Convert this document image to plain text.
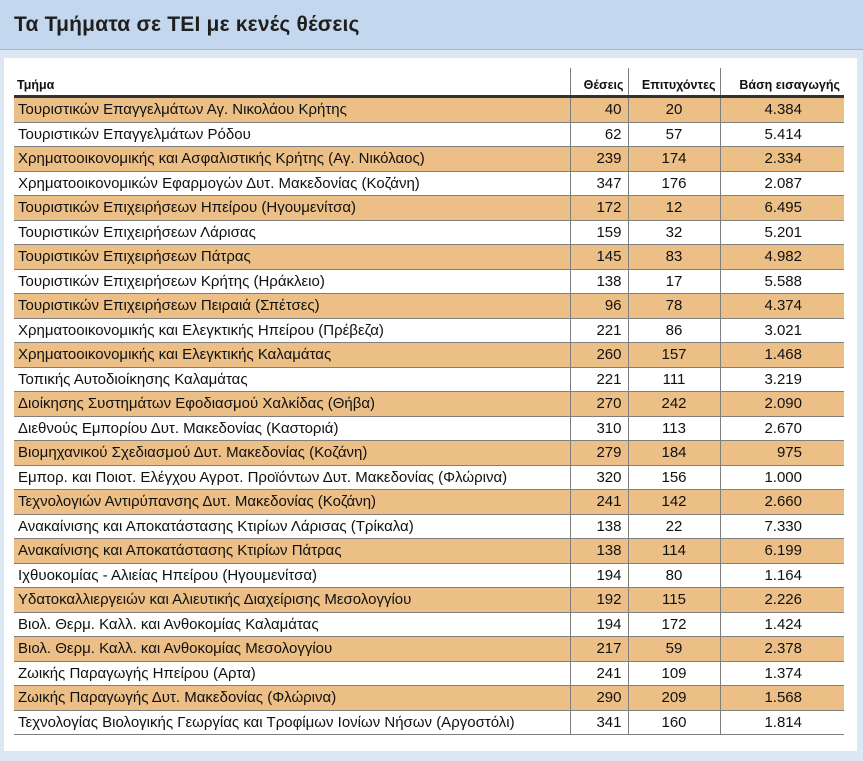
Τα Τμήματα σε ΤΕΙ με κενές θέσεις
Τμήμα	Θέσεις	Επιτυχόντες	Βάση εισαγωγής
Τουριστικών Επαγγελμάτων Αγ. Νικολάου Κρήτης	40	20	4.384
Τουριστικών Επαγγελμάτων Ρόδου	62	57	5.414
Χρηματοοικονομικής και Ασφαλιστικής Κρήτης (Αγ. Νικόλαος)	239	174	2.334
Χρηματοοικονομικών Εφαρμογών Δυτ. Μακεδονίας (Κοζάνη)	347	176	2.087
Τουριστικών Επιχειρήσεων Ηπείρου (Ηγουμενίτσα)	172	12	6.495
Τουριστικών Επιχειρήσεων Λάρισας	159	32	5.201
Τουριστικών Επιχειρήσεων Πάτρας	145	83	4.982
Τουριστικών Επιχειρήσεων Κρήτης (Ηράκλειο)	138	17	5.588
Τουριστικών Επιχειρήσεων Πειραιά (Σπέτσες)	96	78	4.374
Χρηματοοικονομικής και Ελεγκτικής Ηπείρου (Πρέβεζα)	221	86	3.021
Χρηματοοικονομικής και Ελεγκτικής Καλαμάτας	260	157	1.468
Τοπικής Αυτοδιοίκησης Καλαμάτας	221	111	3.219
Διοίκησης Συστημάτων Εφοδιασμού Χαλκίδας (Θήβα)	270	242	2.090
Διεθνούς Εμπορίου Δυτ. Μακεδονίας (Καστοριά)	310	113	2.670
Βιομηχανικού Σχεδιασμού Δυτ. Μακεδονίας (Κοζάνη)	279	184	975
Εμπορ. και Ποιοτ. Ελέγχου Αγροτ. Προϊόντων Δυτ. Μακεδονίας (Φλώρινα)	320	156	1.000
Τεχνολογιών Αντιρύπανσης Δυτ. Μακεδονίας (Κοζάνη)	241	142	2.660
Ανακαίνισης και Αποκατάστασης Κτιρίων Λάρισας (Τρίκαλα)	138	22	7.330
Ανακαίνισης και Αποκατάστασης Κτιρίων Πάτρας	138	114	6.199
Ιχθυοκομίας - Αλιείας Ηπείρου (Ηγουμενίτσα)	194	80	1.164
Υδατοκαλλιεργειών και Αλιευτικής Διαχείρισης Μεσολογγίου	192	115	2.226
Βιολ. Θερμ. Καλλ. και Ανθοκομίας Καλαμάτας	194	172	1.424
Βιολ. Θερμ. Καλλ. και Ανθοκομίας Μεσολογγίου	217	59	2.378
Ζωικής Παραγωγής Ηπείρου (Αρτα)	241	109	1.374
Ζωικής Παραγωγής Δυτ. Μακεδονίας (Φλώρινα)	290	209	1.568
Τεχνολογίας Βιολογικής Γεωργίας και Τροφίμων Ιονίων Νήσων (Αργοστόλι)	341	160	1.814
